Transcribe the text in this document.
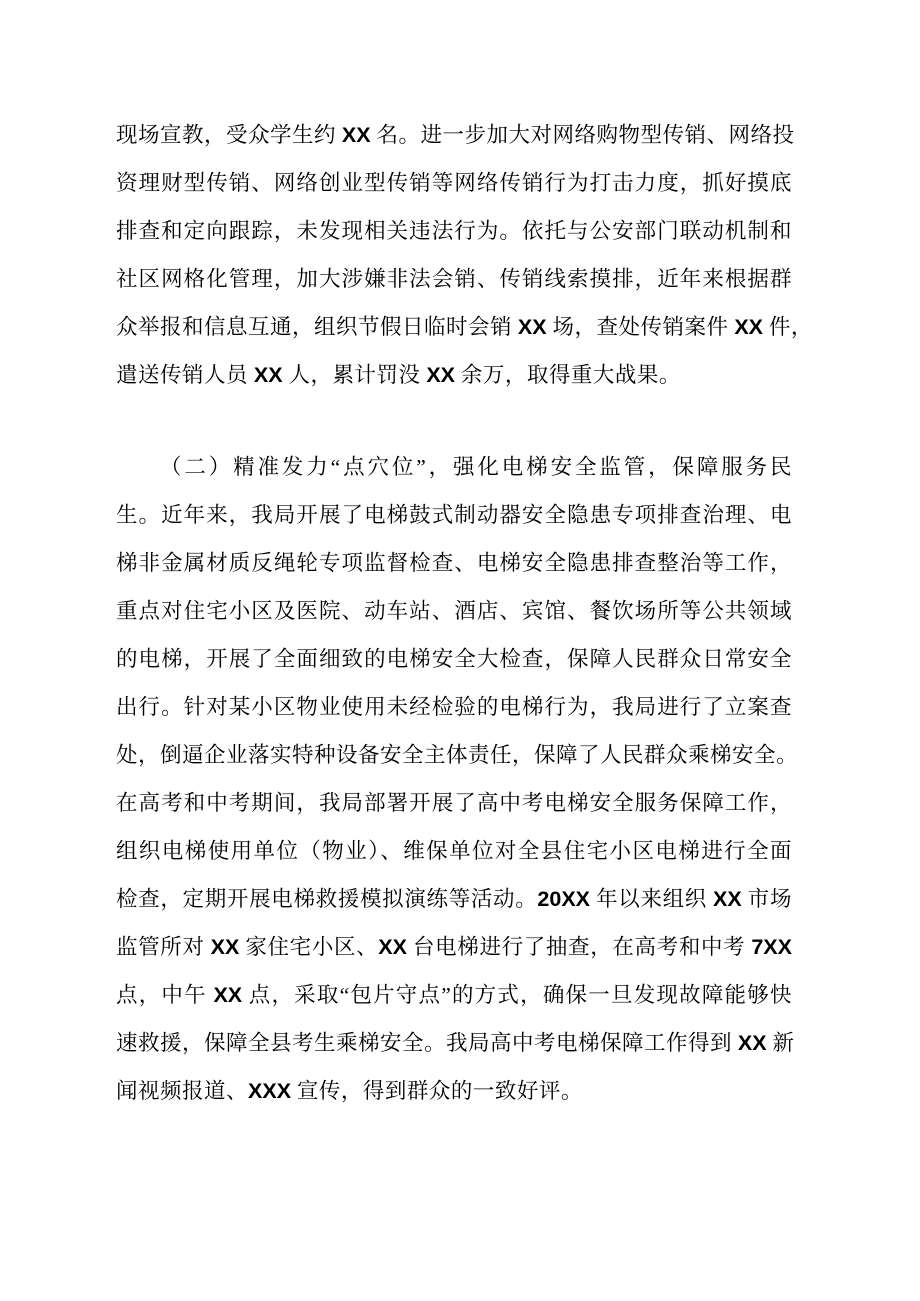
现场宣教，受众学生约 XX 名。进一步加大对网络购物型传销、网络投
资理财型传销、网络创业型传销等网络传销行为打击力度，抓好摸底
排查和定向跟踪，未发现相关违法行为。依托与公安部门联动机制和
社区网格化管理，加大涉嫌非法会销、传销线索摸排，近年来根据群
众举报和信息互通，组织节假日临时会销 XX 场，查处传销案件 XX 件，
遣送传销人员 XX 人，累计罚没 XX 余万，取得重大战果。
（二）精准发力“点穴位”，强化电梯安全监管，保障服务民
生。近年来，我局开展了电梯鼓式制动器安全隐患专项排查治理、电
梯非金属材质反绳轮专项监督检查、电梯安全隐患排查整治等工作，
重点对住宅小区及医院、动车站、酒店、宾馆、餐饮场所等公共领域
的电梯，开展了全面细致的电梯安全大检查，保障人民群众日常安全
出行。针对某小区物业使用未经检验的电梯行为，我局进行了立案查
处，倒逼企业落实特种设备安全主体责任，保障了人民群众乘梯安全。
在高考和中考期间，我局部署开展了高中考电梯安全服务保障工作，
组织电梯使用单位（物业）、维保单位对全县住宅小区电梯进行全面
检查，定期开展电梯救援模拟演练等活动。20XX 年以来组织 XX 市场
监管所对 XX 家住宅小区、XX 台电梯进行了抽查，在高考和中考 7XX
点，中午 XX 点，采取“包片守点”的方式，确保一旦发现故障能够快
速救援，保障全县考生乘梯安全。我局高中考电梯保障工作得到 XX 新
闻视频报道、XXX 宣传，得到群众的一致好评。
